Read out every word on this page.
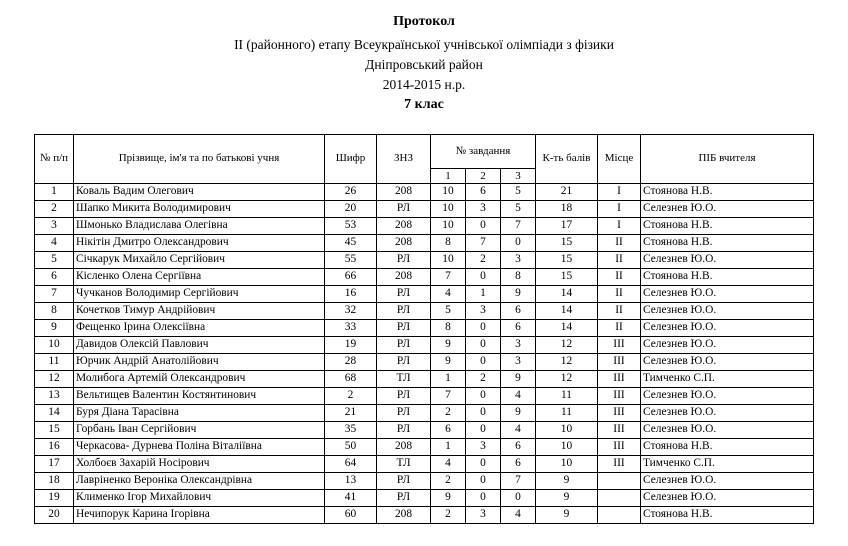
Протокол
ІІ (районного) етапу Всеукраїнської учнівської олімпіади з фізики
Дніпровський район
2014-2015 н.р.
7 клас
№ п/п	Прізвище, ім'я та по батькові учня	Шифр	ЗНЗ	№ завдання			К-ть балів	Місце	ПІБ вчителя
				1	2	3			
1	Коваль Вадим Олегович	26	208	10	6	5	21	І	Стоянова Н.В.
2	Шапко Микита Володимирович	20	РЛ	10	3	5	18	І	Селезнев Ю.О.
3	Шмонько Владислава Олегівна	53	208	10	0	7	17	І	Стоянова Н.В.
4	Нікітін Дмитро Олександрович	45	208	8	7	0	15	ІІ	Стоянова Н.В.
5	Січкарук Михайло Сергійович	55	РЛ	10	2	3	15	ІІ	Селезнев Ю.О.
6	Кісленко Олена Сергіївна	66	208	7	0	8	15	ІІ	Стоянова Н.В.
7	Чучканов Володимир Сергійович	16	РЛ	4	1	9	14	ІІ	Селезнев Ю.О.
8	Кочетков Тимур Андрійович	32	РЛ	5	3	6	14	ІІ	Селезнев Ю.О.
9	Фещенко Ірина Олексіївна	33	РЛ	8	0	6	14	ІІ	Селезнев Ю.О.
10	Давидов Олексій Павлович	19	РЛ	9	0	3	12	ІІІ	Селезнев Ю.О.
11	Юрчик Андрій Анатолійович	28	РЛ	9	0	3	12	ІІІ	Селезнев Ю.О.
12	Молибога Артемій Олександрович	68	ТЛ	1	2	9	12	ІІІ	Тимченко С.П.
13	Вельтищев Валентин Костянтинович	2	РЛ	7	0	4	11	ІІІ	Селезнев Ю.О.
14	Буря Діана Тарасівна	21	РЛ	2	0	9	11	ІІІ	Селезнев Ю.О.
15	Горбань Іван Сергійович	35	РЛ	6	0	4	10	ІІІ	Селезнев Ю.О.
16	Черкасова- Дурнева Поліна Віталіївна	50	208	1	3	6	10	ІІІ	Стоянова Н.В.
17	Холбоєв Захарій Носірович	64	ТЛ	4	0	6	10	ІІІ	Тимченко С.П.
18	Лавріненко Вероніка Олександрівна	13	РЛ	2	0	7	9		Селезнев Ю.О.
19	Клименко Ігор Михайлович	41	РЛ	9	0	0	9		Селезнев Ю.О.
20	Нечипорук Карина Ігорівна	60	208	2	3	4	9		Стоянова Н.В.
